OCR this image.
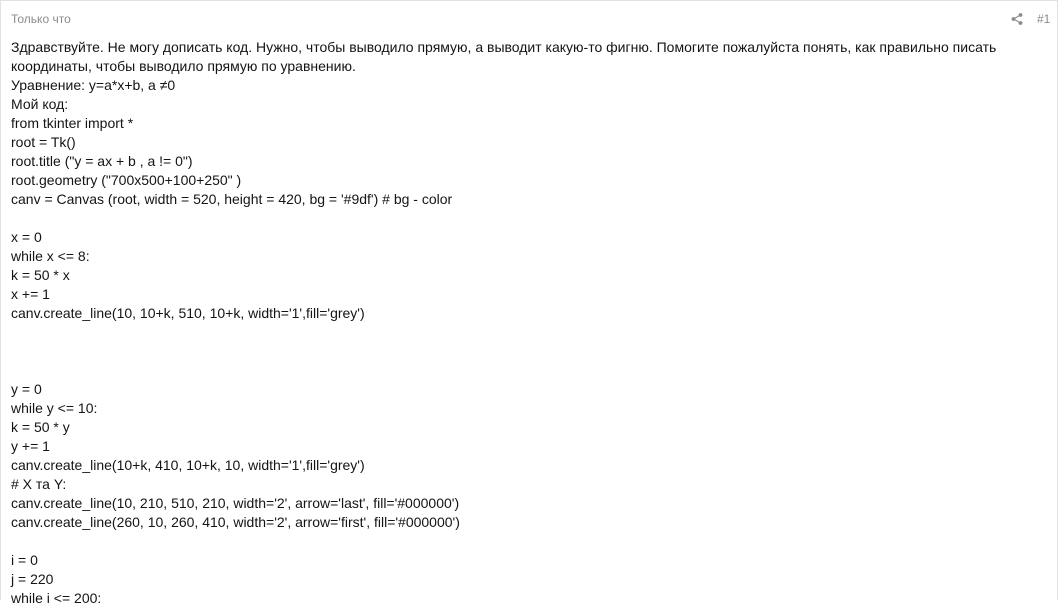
Только что	#1
Здравствуйте. Не могу дописать код. Нужно, чтобы выводило прямую, а выводит какую-то фигню. Помогите пожалуйста понять, как правильно писать координаты, чтобы выводило прямую по уравнению.
Уравнение: y=a*x+b, a ≠0
Мой код:
from tkinter import *
root = Tk()
root.title ("y = ax + b , a != 0")
root.geometry ("700x500+100+250" )
canv = Canvas (root, width = 520, height = 420, bg = '#9df') # bg - color
x = 0
while x <= 8:
k = 50 * x
x += 1
canv.create_line(10, 10+k, 510, 10+k, width='1',fill='grey')
y = 0
while y <= 10:
k = 50 * y
y += 1
canv.create_line(10+k, 410, 10+k, 10, width='1',fill='grey')
# X та Y:
canv.create_line(10, 210, 510, 210, width='2', arrow='last', fill='#000000')
canv.create_line(260, 10, 260, 410, width='2', arrow='first', fill='#000000')
i = 0
j = 220
while i <= 200:
